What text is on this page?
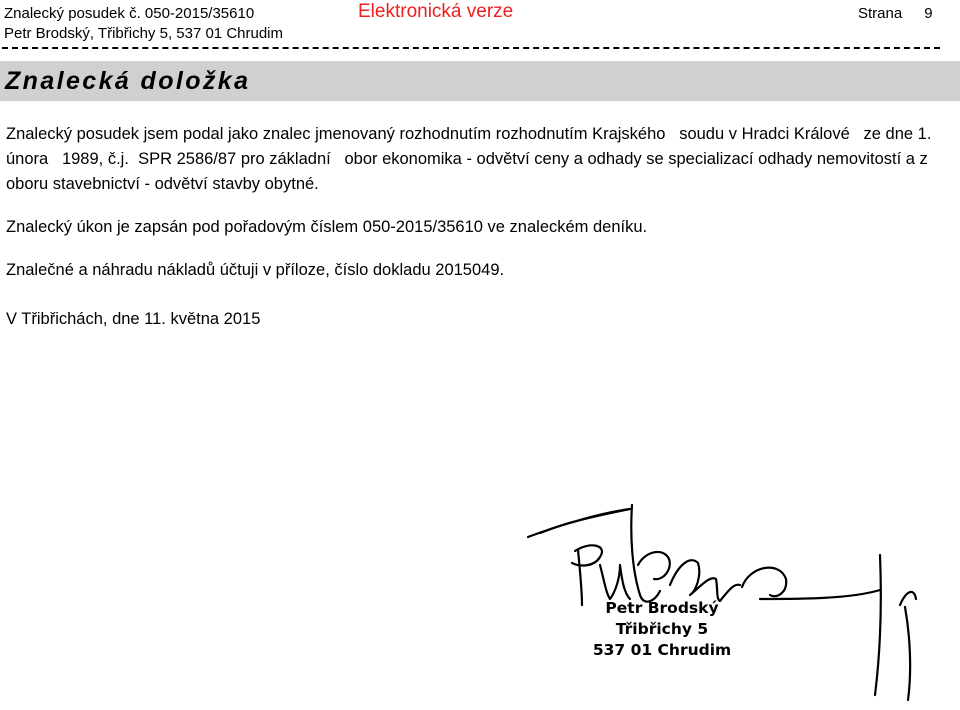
Znalecký posudek č. 050-2015/35610
Petr Brodský, Třibřichy 5, 537 01 Chrudim
Elektronická verze	Strana 9
Znalecká doložka

Znalecký posudek jsem podal jako znalec jmenovaný rozhodnutím rozhodnutím Krajského   soudu v Hradci Králové   ze dne 1. února   1989, č.j.  SPR 2586/87 pro základní   obor ekonomika - odvětví ceny a odhady se specializací odhady nemovitostí a z oboru stavebnictví - odvětví stavby obytné.

Znalecký úkon je zapsán pod pořadovým číslem 050-2015/35610 ve znaleckém deníku.

Znalečné a náhradu nákladů účtuji v příloze, číslo dokladu 2015049.

V Třibřichách, dne 11. května 2015

Petr Brodský
Třibřichy 5
537 01 Chrudim
